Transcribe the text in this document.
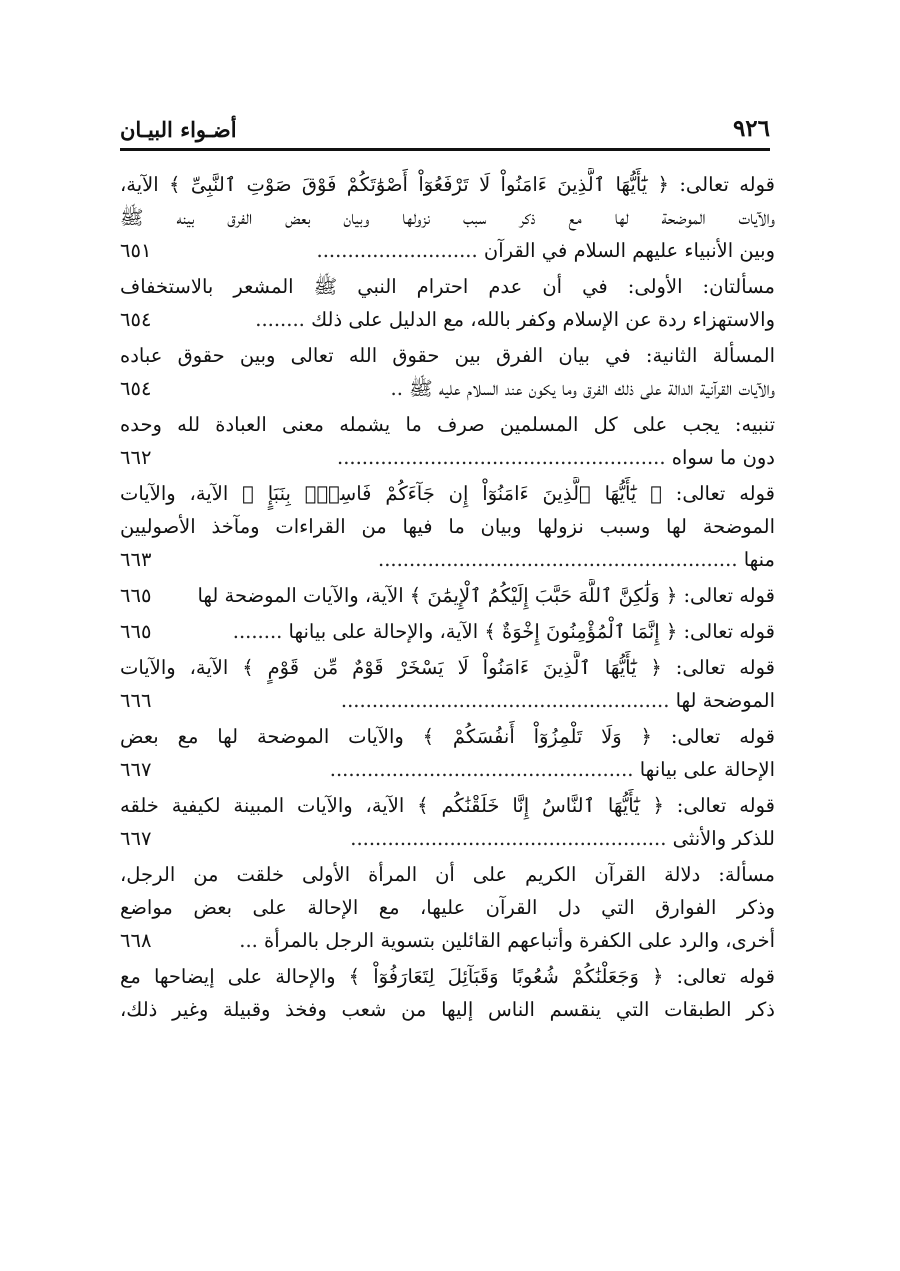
أضـواء البيـان	٩٢٦
قوله تعالى: ﴿ يَٰٓأَيُّهَا ٱلَّذِينَ ءَامَنُواْ لَا تَرْفَعُوٓاْ أَصْوَٰتَكُمْ فَوْقَ صَوْتِ ٱلنَّبِىِّ ﴾ الآية،
والآيات الموضحة لها مع ذكر سبب نزولها وبيان بعض الفرق بينه ﷺ
وبين الأنبياء عليهم السلام في القرآن ..........................
٦٥١
مسألتان: الأولى: في أن عدم احترام النبي ﷺ المشعر بالاستخفاف
والاستهزاء ردة عن الإسلام وكفر بالله، مع الدليل على ذلك ........
٦٥٤
المسألة الثانية: في بيان الفرق بين حقوق الله تعالى وبين حقوق عباده
والآيات القرآنية الدالة على ذلك الفرق وما يكون عند السلام عليه ﷺ ..
٦٥٤
تنبيه: يجب على كل المسلمين صرف ما يشمله معنى العبادة لله وحده
دون ما سواه .....................................................
٦٦٢
قوله تعالى: ﴿ يَٰٓأَيُّهَا ٱلَّذِينَ ءَامَنُوٓاْ إِن جَآءَكُمْ فَاسِقٌۢ بِنَبَإٍ ﴾ الآية، والآيات
الموضحة لها وسبب نزولها وبيان ما فيها من القراءات ومآخذ الأصوليين
منها ..........................................................
٦٦٣
قوله تعالى: ﴿ وَلَٰكِنَّ ٱللَّهَ حَبَّبَ إِلَيْكُمُ ٱلْإِيمَٰنَ ﴾ الآية، والآيات الموضحة لها
٦٦٥
قوله تعالى: ﴿ إِنَّمَا ٱلْمُؤْمِنُونَ إِخْوَةٌ ﴾ الآية، والإحالة على بيانها ........
٦٦٥
قوله تعالى: ﴿ يَٰٓأَيُّهَا ٱلَّذِينَ ءَامَنُواْ لَا يَسْخَرْ قَوْمٌ مِّن قَوْمٍ ﴾ الآية، والآيات
الموضحة لها .....................................................
٦٦٦
قوله تعالى: ﴿ وَلَا تَلْمِزُوٓاْ أَنفُسَكُمْ ﴾ والآيات الموضحة لها مع بعض
الإحالة على بيانها .................................................
٦٦٧
قوله تعالى: ﴿ يَٰٓأَيُّهَا ٱلنَّاسُ إِنَّا خَلَقْنَٰكُم ﴾ الآية، والآيات المبينة لكيفية خلقه
للذكر والأنثى ...................................................
٦٦٧
مسألة: دلالة القرآن الكريم على أن المرأة الأولى خلقت من الرجل،
وذكر الفوارق التي دل القرآن عليها، مع الإحالة على بعض مواضع
أخرى، والرد على الكفرة وأتباعهم القائلين بتسوية الرجل بالمرأة ...
٦٦٨
قوله تعالى: ﴿ وَجَعَلْنَٰكُمْ شُعُوبًا وَقَبَآئِلَ لِتَعَارَفُوٓاْ ﴾ والإحالة على إيضاحها مع
ذكر الطبقات التي ينقسم الناس إليها من شعب وفخذ وقبيلة وغير ذلك،
